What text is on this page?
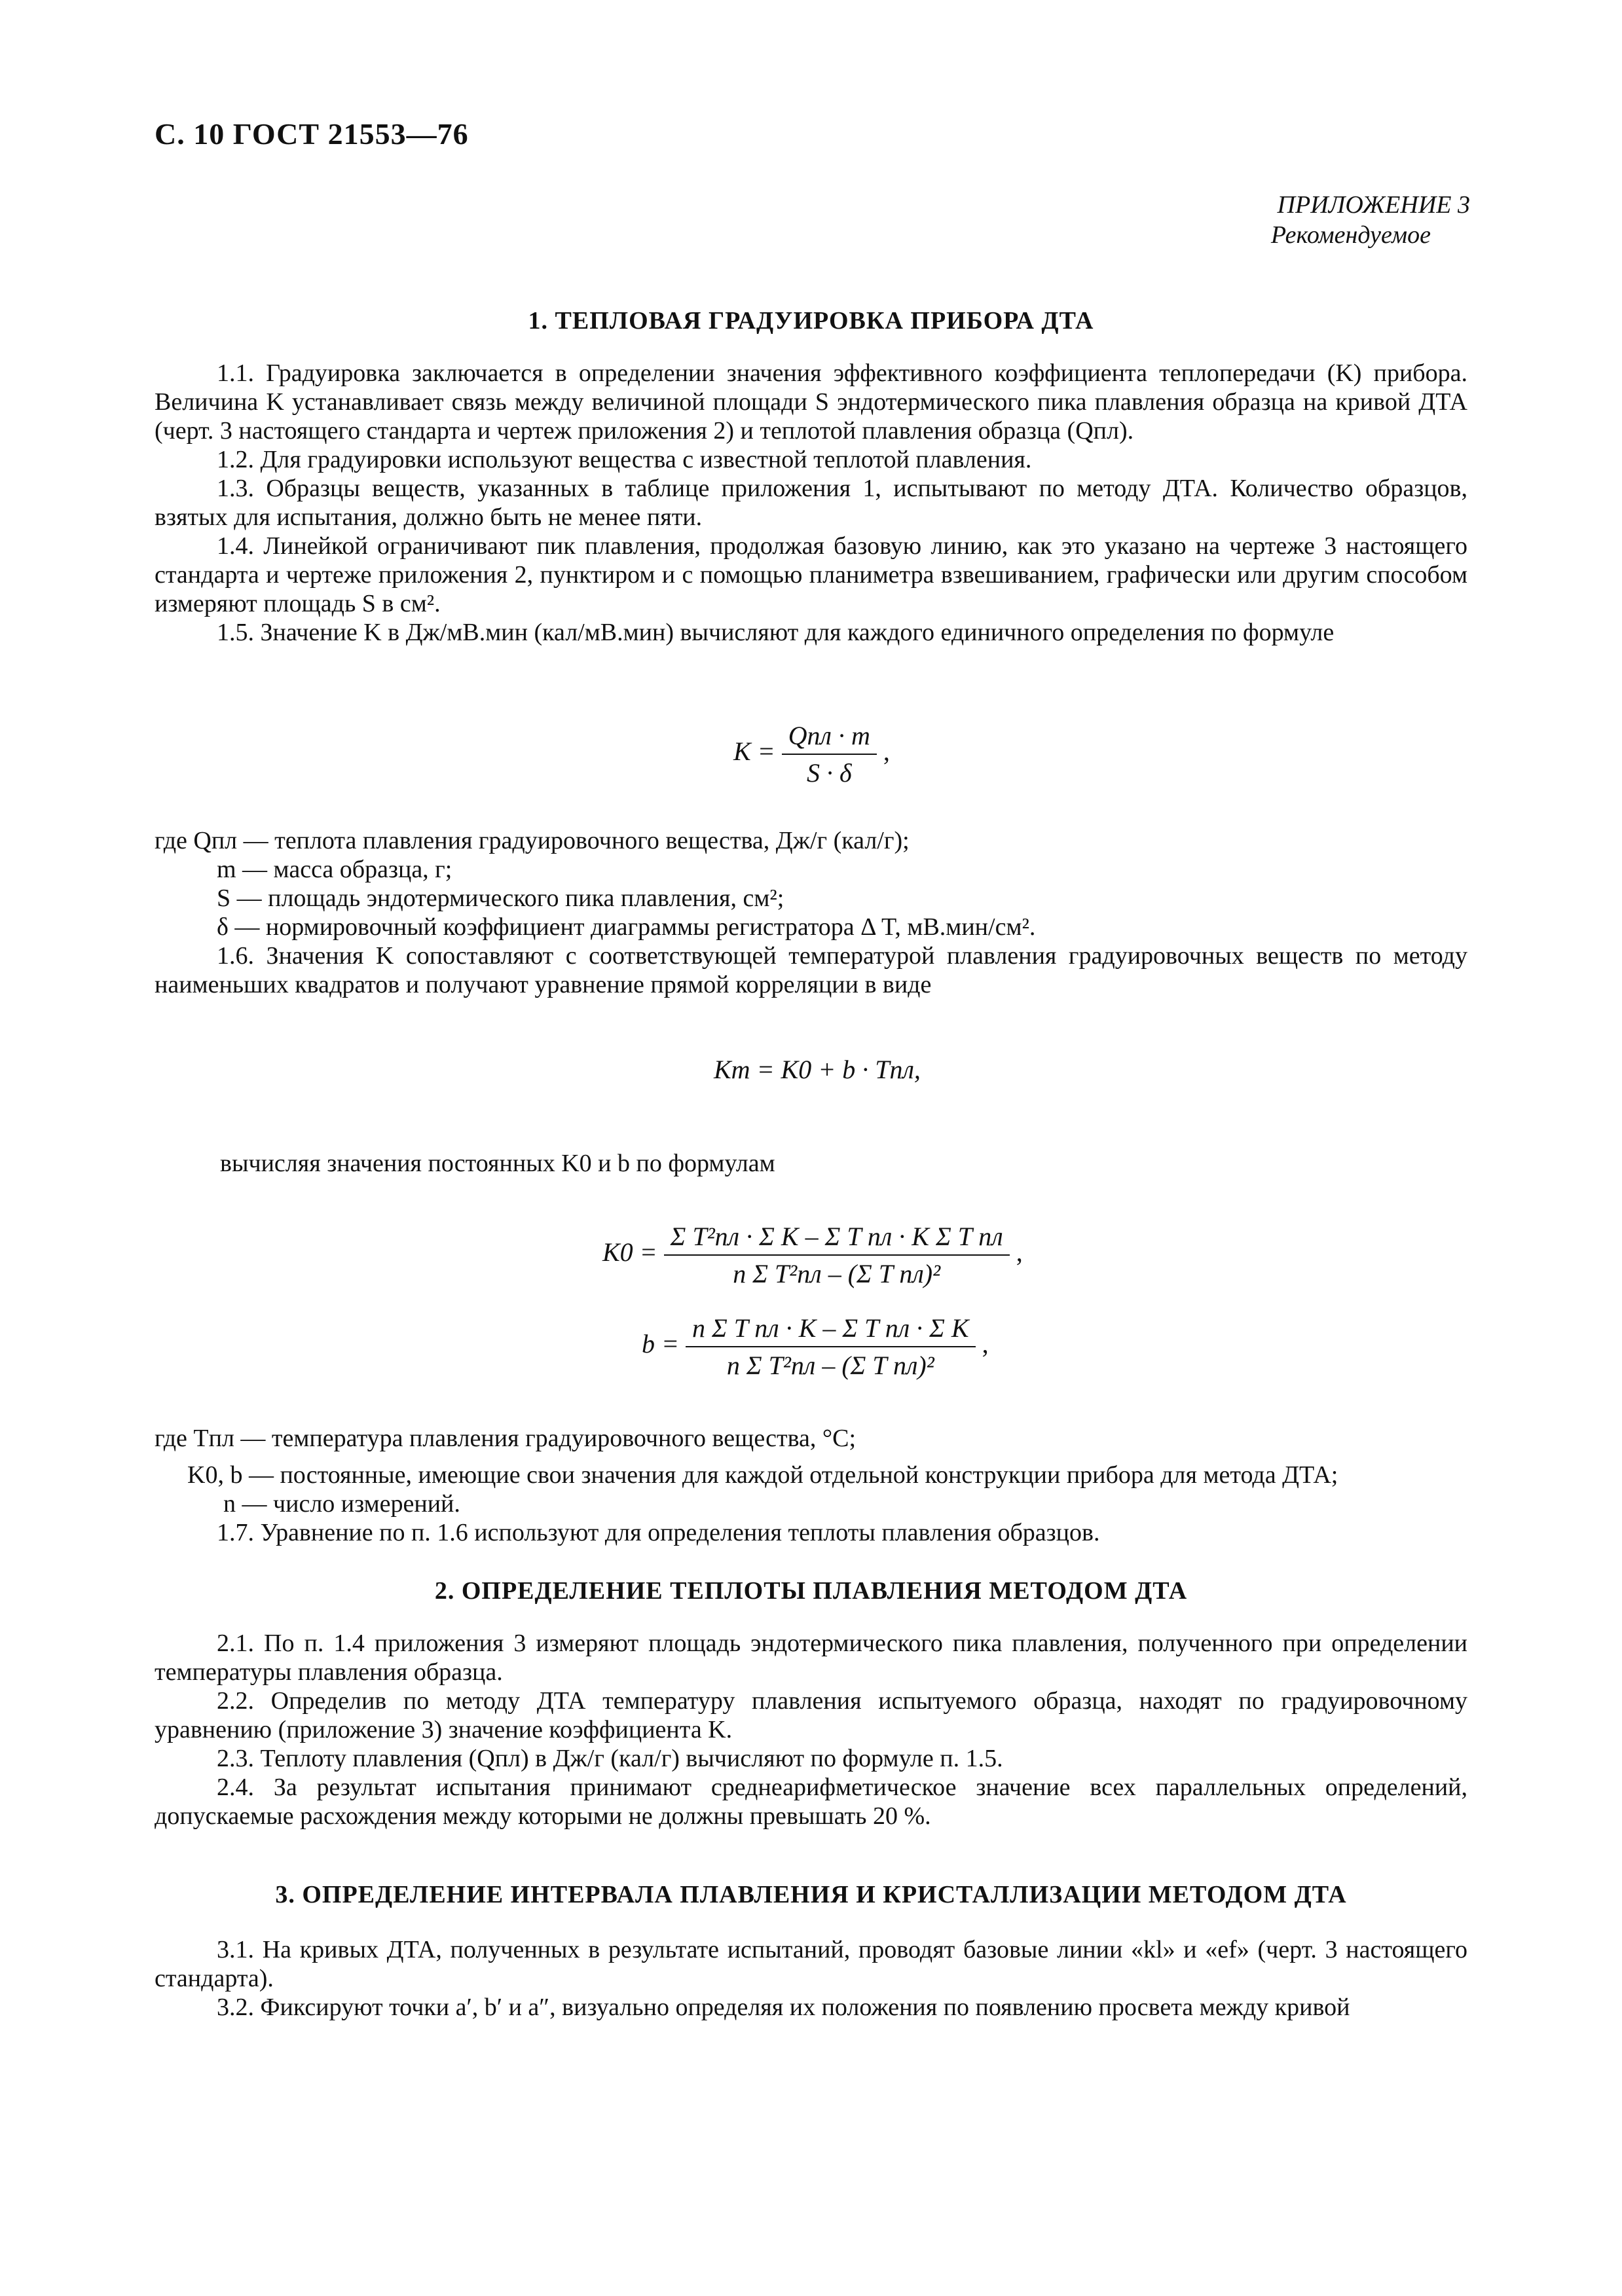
С. 10 ГОСТ 21553—76
ПРИЛОЖЕНИЕ 3
Рекомендуемое
1. ТЕПЛОВАЯ ГРАДУИРОВКА ПРИБОРА ДТА
1.1. Градуировка заключается в определении значения эффективного коэффициента теплопередачи (K) прибора. Величина K устанавливает связь между величиной площади S эндотермического пика плавления образца на кривой ДТА (черт. 3 настоящего стандарта и чертеж приложения 2) и теплотой плавления образца (Qпл).
1.2. Для градуировки используют вещества с известной теплотой плавления.
1.3. Образцы веществ, указанных в таблице приложения 1, испытывают по методу ДТА. Количество образцов, взятых для испытания, должно быть не менее пяти.
1.4. Линейкой ограничивают пик плавления, продолжая базовую линию, как это указано на чертеже 3 настоящего стандарта и чертеже приложения 2, пунктиром и с помощью планиметра взвешиванием, графически или другим способом измеряют площадь S в см².
1.5. Значение K в Дж/мВ.мин (кал/мВ.мин) вычисляют для каждого единичного определения по формуле
$K = \frac{\text{Qпл · m}}{S \cdot \delta}$ ,
где Qпл — теплота плавления градуировочного вещества, Дж/г (кал/г);
m — масса образца, г;
S — площадь эндотермического пика плавления, см²;
δ — нормировочный коэффициент диаграммы регистратора Δ T, мВ.мин/см².
1.6. Значения K сопоставляют с соответствующей температурой плавления градуировочных веществ по методу наименьших квадратов и получают уравнение прямой корреляции в виде
Kт = K0 + b · Tпл,
вычисляя значения постоянных K0 и b по формулам
$K0 = \frac{\text{Σ T²пл · Σ K – Σ T пл · K Σ T пл}}{\text{n Σ T²пл – (Σ T пл)²}}$ ,
$b = \frac{\text{n Σ T пл · K – Σ T пл · Σ K}}{\text{n Σ T²пл – (Σ T пл)²}}$ ,
где Tпл — температура плавления градуировочного вещества, °C;
K0, b — постоянные, имеющие свои значения для каждой отдельной конструкции прибора для метода ДТА;
n — число измерений.
1.7. Уравнение по п. 1.6 используют для определения теплоты плавления образцов.
2. ОПРЕДЕЛЕНИЕ ТЕПЛОТЫ ПЛАВЛЕНИЯ МЕТОДОМ ДТА
2.1. По п. 1.4 приложения 3 измеряют площадь эндотермического пика плавления, полученного при определении температуры плавления образца.
2.2. Определив по методу ДТА температуру плавления испытуемого образца, находят по градуировочному уравнению (приложение 3) значение коэффициента K.
2.3. Теплоту плавления (Qпл) в Дж/г (кал/г) вычисляют по формуле п. 1.5.
2.4. За результат испытания принимают среднеарифметическое значение всех параллельных определений, допускаемые расхождения между которыми не должны превышать 20 %.
3. ОПРЕДЕЛЕНИЕ ИНТЕРВАЛА ПЛАВЛЕНИЯ И КРИСТАЛЛИЗАЦИИ МЕТОДОМ ДТА
3.1. На кривых ДТА, полученных в результате испытаний, проводят базовые линии «kl» и «ef» (черт. 3 настоящего стандарта).
3.2. Фиксируют точки a′, b′ и a″, визуально определяя их положения по появлению просвета между кривой
